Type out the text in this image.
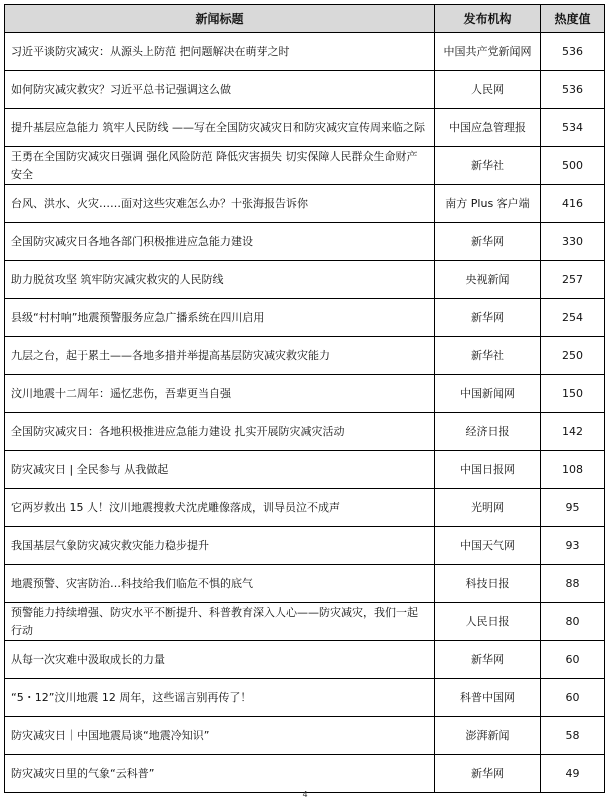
新闻标题	发布机构	热度值
习近平谈防灾减灾：从源头上防范 把问题解决在萌芽之时	中国共产党新闻网	536
如何防灾减灾救灾？习近平总书记强调这么做	人民网	536
提升基层应急能力 筑牢人民防线 ——写在全国防灾减灾日和防灾减灾宣传周来临之际	中国应急管理报	534
王勇在全国防灾减灾日强调 强化风险防范 降低灾害损失 切实保障人民群众生命财产安全	新华社	500
台风、洪水、火灾……面对这些灾难怎么办？十张海报告诉你	南方 Plus 客户端	416
全国防灾减灾日各地各部门积极推进应急能力建设	新华网	330
助力脱贫攻坚 筑牢防灾减灾救灾的人民防线	央视新闻	257
县级“村村响”地震预警服务应急广播系统在四川启用	新华网	254
九层之台，起于累土——各地多措并举提高基层防灾减灾救灾能力	新华社	250
汶川地震十二周年：遥忆悲伤，吾辈更当自强	中国新闻网	150
全国防灾减灾日：各地积极推进应急能力建设 扎实开展防灾减灾活动	经济日报	142
防灾减灾日 | 全民参与 从我做起	中国日报网	108
它两岁救出 15 人！汶川地震搜救犬沈虎雕像落成，训导员泣不成声	光明网	95
我国基层气象防灾减灾救灾能力稳步提升	中国天气网	93
地震预警、灾害防治…科技给我们临危不惧的底气	科技日报	88
预警能力持续增强、防灾水平不断提升、科普教育深入人心——防灾减灾，我们一起行动	人民日报	80
从每一次灾难中汲取成长的力量	新华网	60
“5・12”汶川地震 12 周年，这些谣言别再传了！	科普中国网	60
防灾减灾日｜中国地震局谈“地震冷知识”	澎湃新闻	58
防灾减灾日里的气象“云科普”	新华网	49
4
